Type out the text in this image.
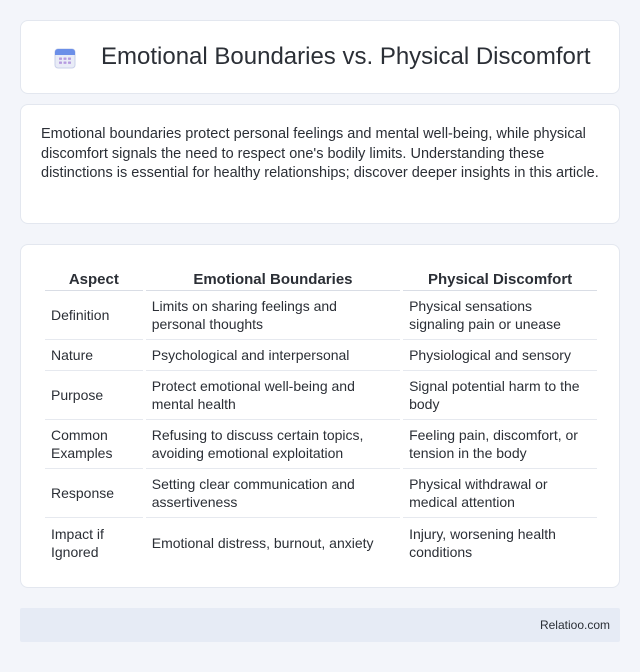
Emotional Boundaries vs. Physical Discomfort

Emotional boundaries protect personal feelings and mental well-being, while physical discomfort signals the need to respect one's bodily limits. Understanding these distinctions is essential for healthy relationships; discover deeper insights in this article.

Aspect	Emotional Boundaries	Physical Discomfort
Definition	Limits on sharing feelings and personal thoughts	Physical sensations signaling pain or unease
Nature	Psychological and interpersonal	Physiological and sensory
Purpose	Protect emotional well-being and mental health	Signal potential harm to the body
Common Examples	Refusing to discuss certain topics, avoiding emotional exploitation	Feeling pain, discomfort, or tension in the body
Response	Setting clear communication and assertiveness	Physical withdrawal or medical attention
Impact if Ignored	Emotional distress, burnout, anxiety	Injury, worsening health conditions
Relatioo.com
